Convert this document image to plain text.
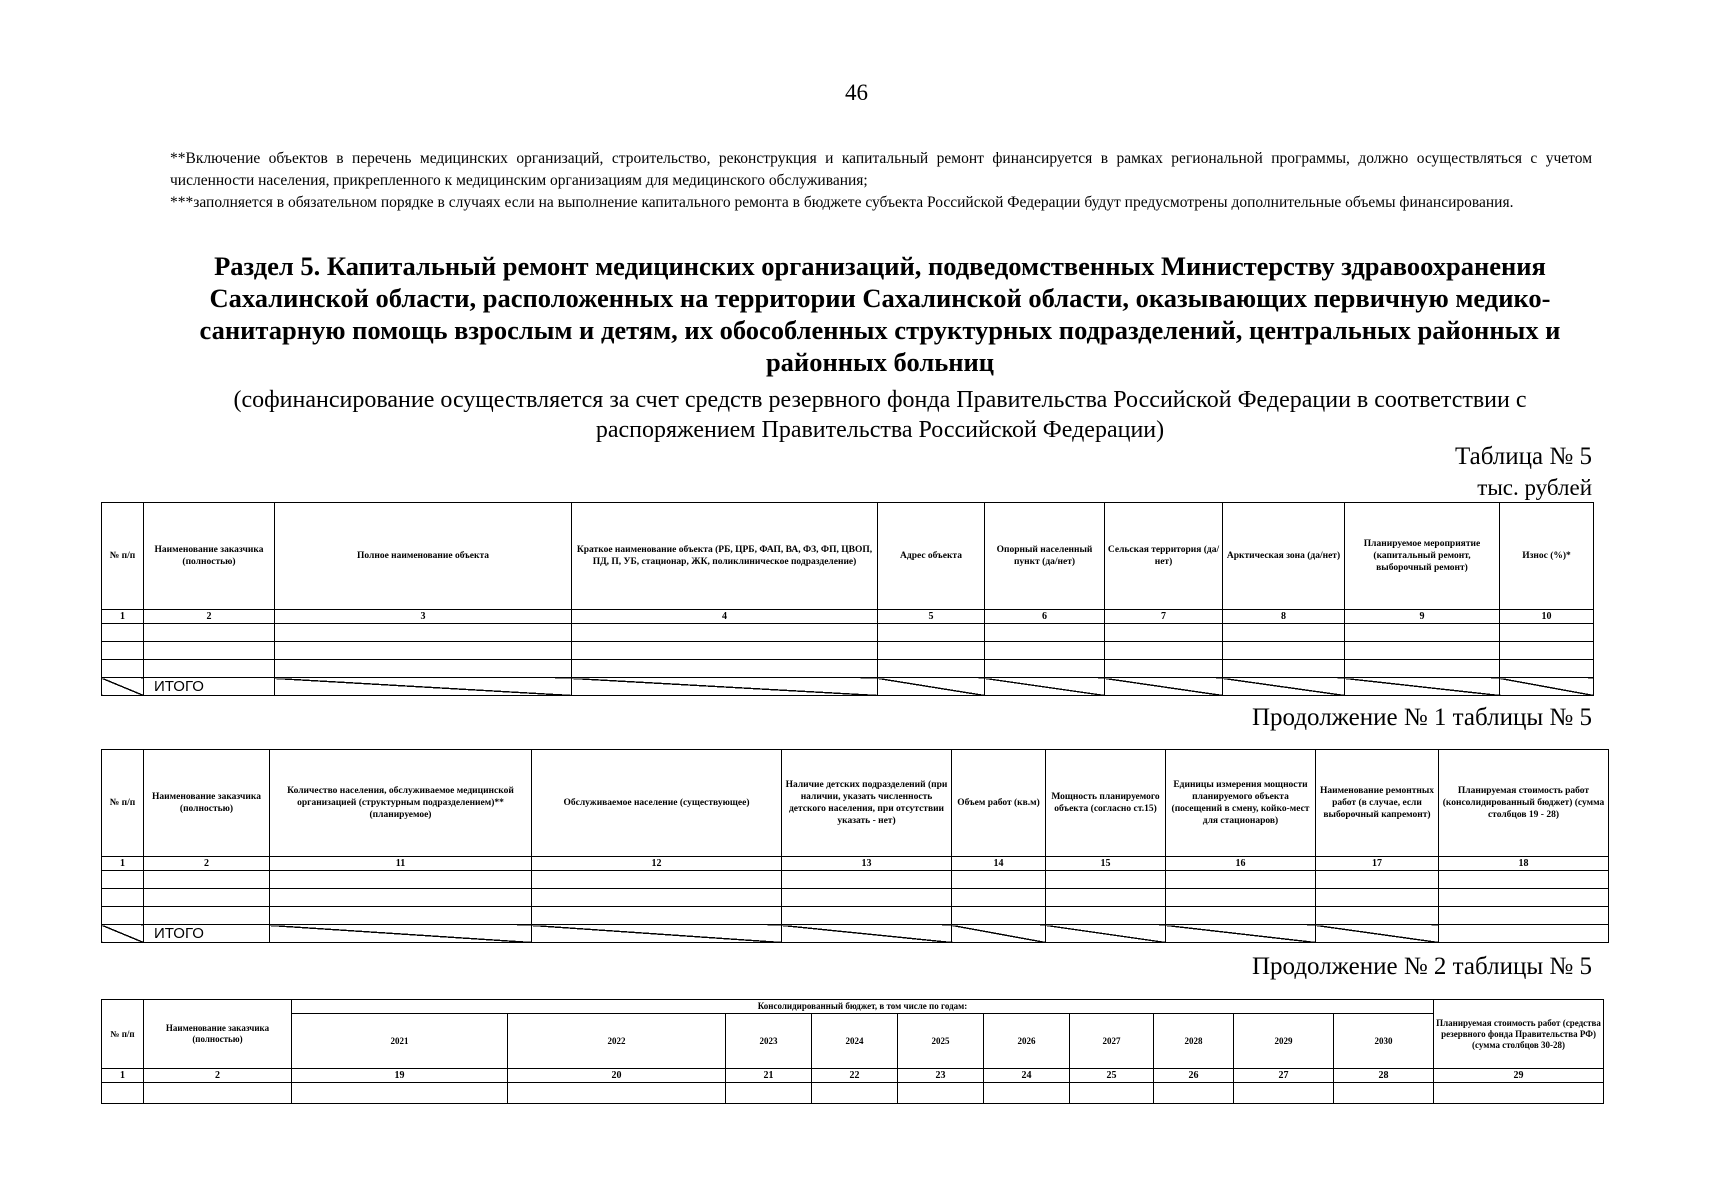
46

**Включение объектов в перечень медицинских организаций, строительство, реконструкция и капитальный ремонт финансируется в рамках региональной программы, должно осуществляться с учетом численности населения, прикрепленного к медицинским организациям для медицинского обслуживания;

***заполняется в обязательном порядке в случаях если на выполнение капитального ремонта в бюджете субъекта Российской Федерации будут предусмотрены дополнительные объемы финансирования.

Раздел 5. Капитальный ремонт медицинских организаций, подведомственных Министерству здравоохранения Сахалинской области, расположенных на территории Сахалинской области, оказывающих первичную медико-санитарную помощь взрослым и детям, их обособленных структурных подразделений, центральных районных и районных больниц
(софинансирование осуществляется за счет средств резервного фонда Правительства Российской Федерации в соответствии с распоряжением Правительства Российской Федерации)
Таблица № 5
тыс. рублей
№ п/п	Наименование заказчика (полностью)	Полное наименование объекта	Краткое наименование объекта (РБ, ЦРБ, ФАП, ВА, ФЗ, ФП, ЦВОП, ПД, П, УБ, стационар, ЖК, поликлиническое подразделение)	Адрес объекта	Опорный населенный пункт (да/нет)	Сельская территория (да/нет)	Арктическая зона (да/нет)	Планируемое мероприятие (капитальный ремонт, выборочный ремонт)	Износ (%)*
1	2	3	4	5	6	7	8	9	10

	ИТОГО								
Продолжение № 1 таблицы № 5
№ п/п	Наименование заказчика (полностью)	Количество населения, обслуживаемое медицинской организацией (структурным подразделением)** (планируемое)	Обслуживаемое население (существующее)	Наличие детских подразделений (при наличии, указать численность детского населения, при отсутствии указать - нет)	Объем работ (кв.м)	Мощность планируемого объекта (согласно ст.15)	Единицы измерения мощности планируемого объекта (посещений в смену, койко-мест для стационаров)	Наименование ремонтных работ (в случае, если выборочный капремонт)	Планируемая стоимость работ (консолидированный бюджет) (сумма столбцов 19 - 28)
1	2	11	12	13	14	15	16	17	18

	ИТОГО								
Продолжение № 2 таблицы № 5
№ п/п	Наименование заказчика (полностью)	Консолидированный бюджет, в том числе по годам:										Планируемая стоимость работ (средства резервного фонда Правительства РФ) (сумма столбцов 30-28)
		2021	2022	2023	2024	2025	2026	2027	2028	2029	2030	
1	2	19	20	21	22	23	24	25	26	27	28	29
